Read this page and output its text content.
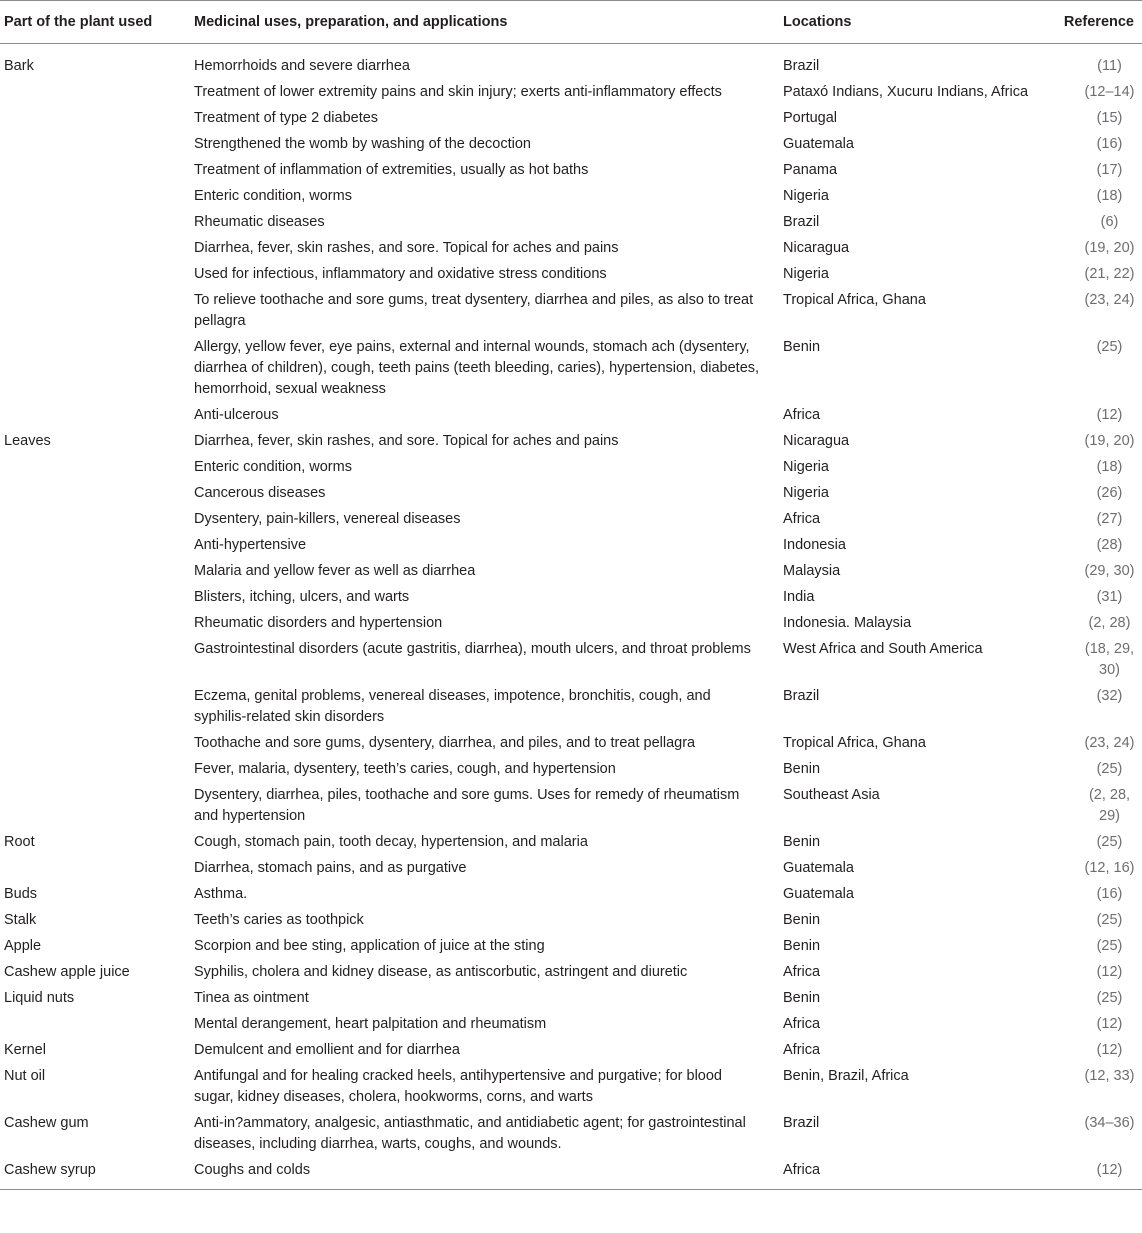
Part of the plant used	Medicinal uses, preparation, and applications	Locations	Reference
Bark	Hemorrhoids and severe diarrhea	Brazil	(11)
	Treatment of lower extremity pains and skin injury; exerts anti-inflammatory effects	Pataxó Indians, Xucuru Indians, Africa	(12–14)
	Treatment of type 2 diabetes	Portugal	(15)
	Strengthened the womb by washing of the decoction	Guatemala	(16)
	Treatment of inflammation of extremities, usually as hot baths	Panama	(17)
	Enteric condition, worms	Nigeria	(18)
	Rheumatic diseases	Brazil	(6)
	Diarrhea, fever, skin rashes, and sore. Topical for aches and pains	Nicaragua	(19, 20)
	Used for infectious, inflammatory and oxidative stress conditions	Nigeria	(21, 22)
	To relieve toothache and sore gums, treat dysentery, diarrhea and piles, as also to treat pellagra	Tropical Africa, Ghana	(23, 24)
	Allergy, yellow fever, eye pains, external and internal wounds, stomach ach (dysentery, diarrhea of children), cough, teeth pains (teeth bleeding, caries), hypertension, diabetes, hemorrhoid, sexual weakness	Benin	(25)
	Anti-ulcerous	Africa	(12)
Leaves	Diarrhea, fever, skin rashes, and sore. Topical for aches and pains	Nicaragua	(19, 20)
	Enteric condition, worms	Nigeria	(18)
	Cancerous diseases	Nigeria	(26)
	Dysentery, pain-killers, venereal diseases	Africa	(27)
	Anti-hypertensive	Indonesia	(28)
	Malaria and yellow fever as well as diarrhea	Malaysia	(29, 30)
	Blisters, itching, ulcers, and warts	India	(31)
	Rheumatic disorders and hypertension	Indonesia. Malaysia	(2, 28)
	Gastrointestinal disorders (acute gastritis, diarrhea), mouth ulcers, and throat problems	West Africa and South America	(18, 29, 30)
	Eczema, genital problems, venereal diseases, impotence, bronchitis, cough, and syphilis-related skin disorders	Brazil	(32)
	Toothache and sore gums, dysentery, diarrhea, and piles, and to treat pellagra	Tropical Africa, Ghana	(23, 24)
	Fever, malaria, dysentery, teeth’s caries, cough, and hypertension	Benin	(25)
	Dysentery, diarrhea, piles, toothache and sore gums. Uses for remedy of rheumatism and hypertension	Southeast Asia	(2, 28, 29)
Root	Cough, stomach pain, tooth decay, hypertension, and malaria	Benin	(25)
	Diarrhea, stomach pains, and as purgative	Guatemala	(12, 16)
Buds	Asthma.	Guatemala	(16)
Stalk	Teeth’s caries as toothpick	Benin	(25)
Apple	Scorpion and bee sting, application of juice at the sting	Benin	(25)
Cashew apple juice	Syphilis, cholera and kidney disease, as antiscorbutic, astringent and diuretic	Africa	(12)
Liquid nuts	Tinea as ointment	Benin	(25)
	Mental derangement, heart palpitation and rheumatism	Africa	(12)
Kernel	Demulcent and emollient and for diarrhea	Africa	(12)
Nut oil	Antifungal and for healing cracked heels, antihypertensive and purgative; for blood sugar, kidney diseases, cholera, hookworms, corns, and warts	Benin, Brazil, Africa	(12, 33)
Cashew gum	Anti-in?ammatory, analgesic, antiasthmatic, and antidiabetic agent; for gastrointestinal diseases, including diarrhea, warts, coughs, and wounds.	Brazil	(34–36)
Cashew syrup	Coughs and colds	Africa	(12)
